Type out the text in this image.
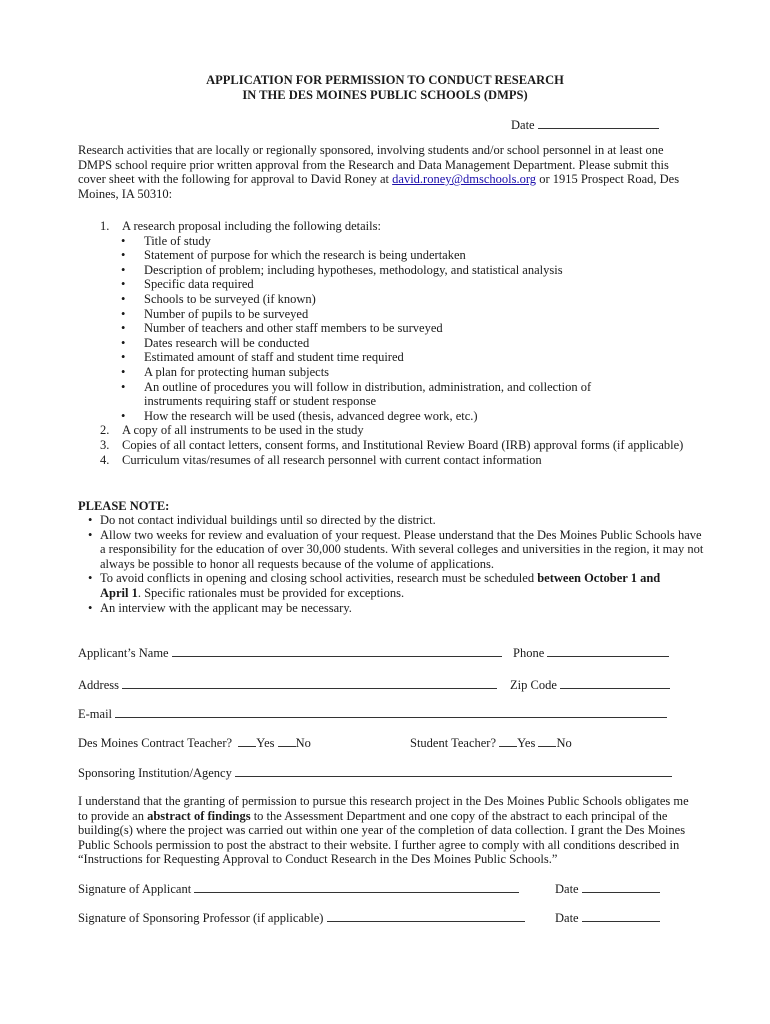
APPLICATION FOR PERMISSION TO CONDUCT RESEARCH
IN THE DES MOINES PUBLIC SCHOOLS (DMPS)
Date
Research activities that are locally or regionally sponsored, involving students and/or school personnel in at least one DMPS school require prior written approval from the Research and Data Management Department. Please submit this cover sheet with the following for approval to David Roney at david.roney@dmschools.org or 1915 Prospect Road, Des Moines, IA 50310:
1. A research proposal including the following details:
• Title of study
• Statement of purpose for which the research is being undertaken
• Description of problem; including hypotheses, methodology, and statistical analysis
• Specific data required
• Schools to be surveyed (if known)
• Number of pupils to be surveyed
• Number of teachers and other staff members to be surveyed
• Dates research will be conducted
• Estimated amount of staff and student time required
• A plan for protecting human subjects
• An outline of procedures you will follow in distribution, administration, and collection of instruments requiring staff or student response
• How the research will be used (thesis, advanced degree work, etc.)
2. A copy of all instruments to be used in the study
3. Copies of all contact letters, consent forms, and Institutional Review Board (IRB) approval forms (if applicable)
4. Curriculum vitas/resumes of all research personnel with current contact information
PLEASE NOTE:
• Do not contact individual buildings until so directed by the district.
• Allow two weeks for review and evaluation of your request. Please understand that the Des Moines Public Schools have a responsibility for the education of over 30,000 students. With several colleges and universities in the region, it may not always be possible to honor all requests because of the volume of applications.
• To avoid conflicts in opening and closing school activities, research must be scheduled between October 1 and
April 1. Specific rationales must be provided for exceptions.
• An interview with the applicant may be necessary.
Applicant’s Name	Phone
Address	Zip Code
E-mail
Des Moines Contract Teacher? Yes No	Student Teacher? Yes No
Sponsoring Institution/Agency
I understand that the granting of permission to pursue this research project in the Des Moines Public Schools obligates me to provide an abstract of findings to the Assessment Department and one copy of the abstract to each principal of the building(s) where the project was carried out within one year of the completion of data collection. I grant the Des Moines Public Schools permission to post the abstract to their website. I further agree to comply with all conditions described in “Instructions for Requesting Approval to Conduct Research in the Des Moines Public Schools.”
Signature of Applicant	Date
Signature of Sponsoring Professor (if applicable)	Date
